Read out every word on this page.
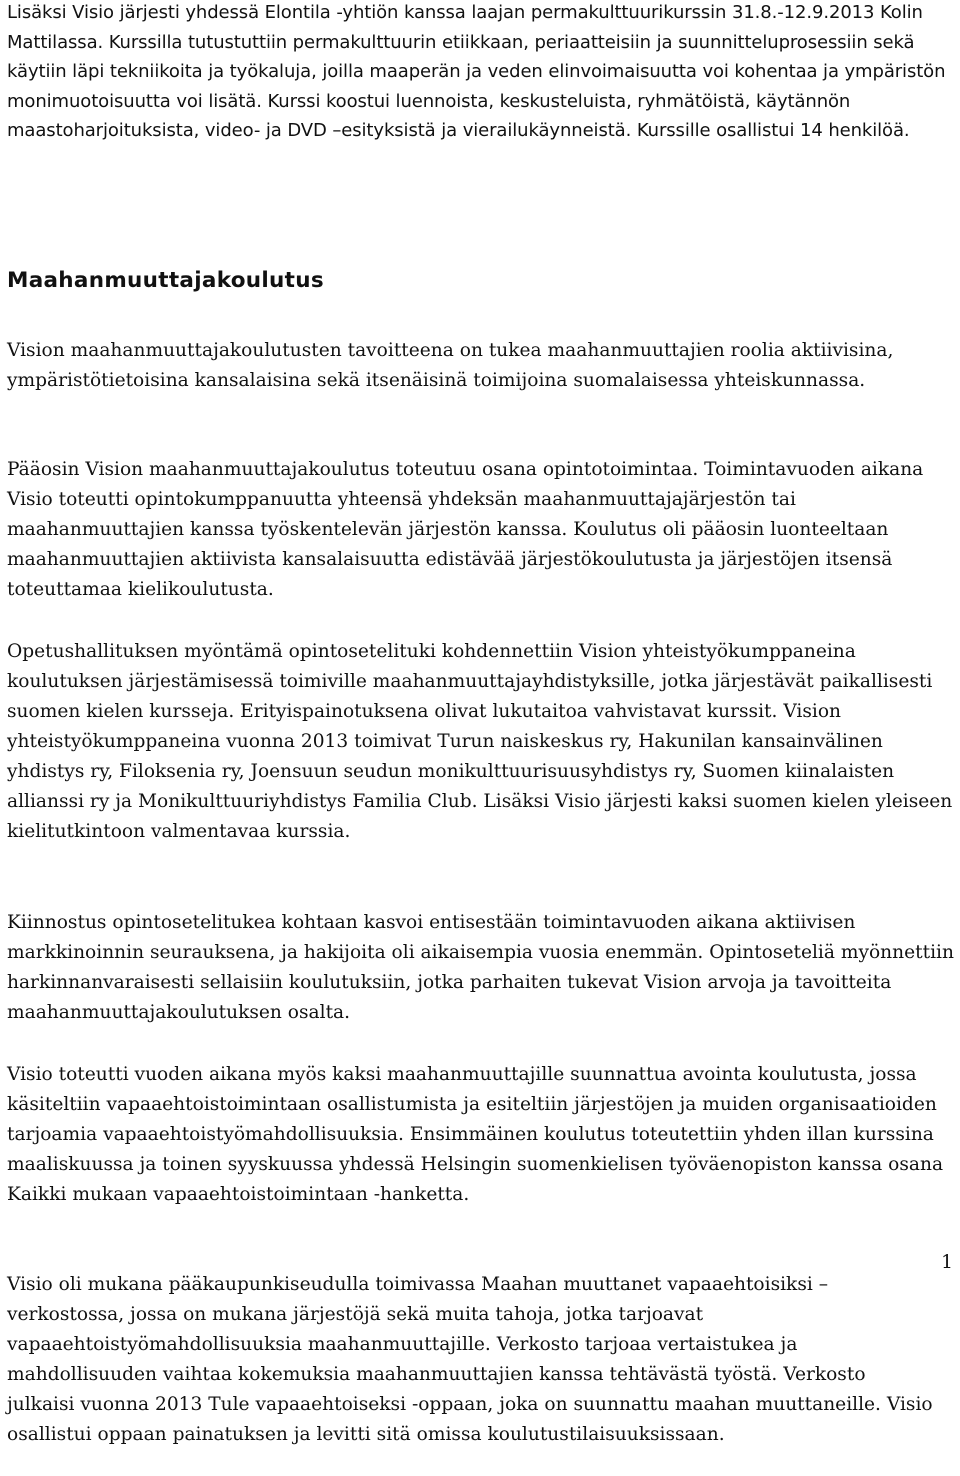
Lisäksi Visio järjesti yhdessä Elontila -yhtiön kanssa laajan permakulttuurikurssin 31.8.-12.9.2013 Kolin Mattilassa. Kurssilla tutustuttiin permakulttuurin etiikkaan, periaatteisiin ja suunnitteluprosessiin sekä käytiin läpi tekniikoita ja työkaluja, joilla maaperän ja veden elinvoimaisuutta voi kohentaa ja ympäristön monimuotoisuutta voi lisätä. Kurssi koostui luennoista, keskusteluista, ryhmätöistä, käytännön maastoharjoituksista, video- ja DVD –esityksistä ja vierailukäynneistä. Kurssille osallistui 14 henkilöä.

Maahanmuuttajakoulutus

Vision maahanmuuttajakoulutusten tavoitteena on tukea maahanmuuttajien roolia aktiivisina, ympäristötietoisina kansalaisina sekä itsenäisinä toimijoina suomalaisessa yhteiskunnassa.

Pääosin Vision maahanmuuttajakoulutus toteutuu osana opintotoimintaa. Toimintavuoden aikana Visio toteutti opintokumppanuutta yhteensä yhdeksän maahanmuuttajajärjestön tai maahanmuuttajien kanssa työskentelevän järjestön kanssa. Koulutus oli pääosin luonteeltaan maahanmuuttajien aktiivista kansalaisuutta edistävää järjestökoulutusta ja järjestöjen itsensä toteuttamaa kielikoulutusta.

Opetushallituksen myöntämä opintosetelituki kohdennettiin Vision yhteistyökumppaneina koulutuksen järjestämisessä toimiville maahanmuuttajayhdistyksille, jotka järjestävät paikallisesti suomen kielen kursseja. Erityispainotuksena olivat lukutaitoa vahvistavat kurssit. Vision yhteistyökumppaneina vuonna 2013 toimivat Turun naiskeskus ry, Hakunilan kansainvälinen yhdistys ry, Filoksenia ry, Joensuun seudun monikulttuurisuusyhdistys ry, Suomen kiinalaisten allianssi ry ja Monikulttuuriyhdistys Familia Club. Lisäksi Visio järjesti kaksi suomen kielen yleiseen kielitutkintoon valmentavaa kurssia.

Kiinnostus opintosetelitukea kohtaan kasvoi entisestään toimintavuoden aikana aktiivisen markkinoinnin seurauksena, ja hakijoita oli aikaisempia vuosia enemmän. Opintoseteliä myönnettiin harkinnanvaraisesti sellaisiin koulutuksiin, jotka parhaiten tukevat Vision arvoja ja tavoitteita maahanmuuttajakoulutuksen osalta.

Visio toteutti vuoden aikana myös kaksi maahanmuuttajille suunnattua avointa koulutusta, jossa käsiteltiin vapaaehtoistoimintaan osallistumista ja esiteltiin järjestöjen ja muiden organisaatioiden tarjoamia vapaaehtoistyömahdollisuuksia. Ensimmäinen koulutus toteutettiin yhden illan kurssina maaliskuussa ja toinen syyskuussa yhdessä Helsingin suomenkielisen työväenopiston kanssa osana Kaikki mukaan vapaaehtoistoimintaan -hanketta.

Visio oli mukana pääkaupunkiseudulla toimivassa Maahan muuttanet vapaaehtoisiksi – verkostossa, jossa on mukana järjestöjä sekä muita tahoja, jotka tarjoavat vapaaehtoistyömahdollisuuksia maahanmuuttajille. Verkosto tarjoaa vertaistukea ja mahdollisuuden vaihtaa kokemuksia maahanmuuttajien kanssa tehtävästä työstä. Verkosto julkaisi vuonna 2013 Tule vapaaehtoiseksi -oppaan, joka on suunnattu maahan muuttaneille. Visio osallistui oppaan painatuksen ja levitti sitä omissa koulutustilaisuuksissaan.

1
